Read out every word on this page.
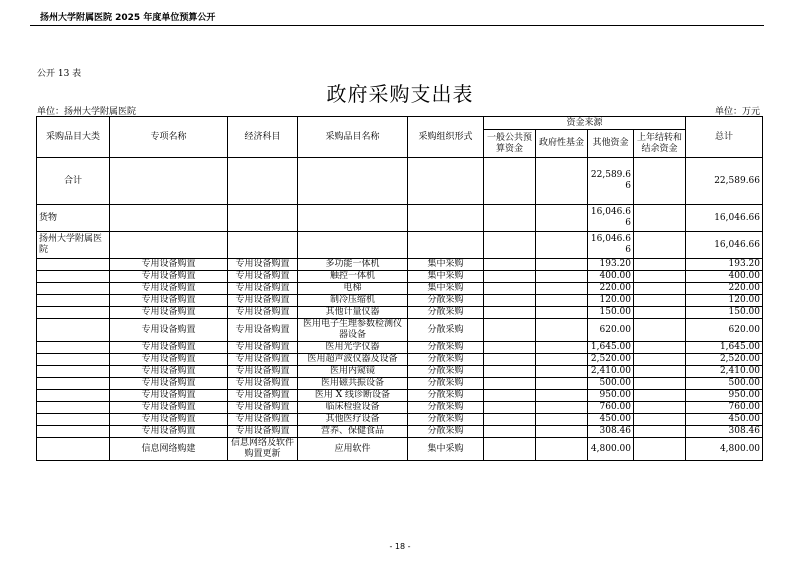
扬州大学附属医院 2025 年度单位预算公开
公开 13 表
政府采购支出表
单位：扬州大学附属医院	单位：万元
采购品目大类	专项名称	经济科目	采购品目名称	采购组织形式	资金来源				总计
					一般公共预算资金	政府性基金	其他资金	上年结转和结余资金	
合计							22,589.66		22,589.66
货物							16,046.66		16,046.66
扬州大学附属医院							16,046.66		16,046.66
	专用设备购置	专用设备购置	多功能一体机	集中采购			193.20		193.20
	专用设备购置	专用设备购置	触控一体机	集中采购			400.00		400.00
	专用设备购置	专用设备购置	电梯	集中采购			220.00		220.00
	专用设备购置	专用设备购置	制冷压缩机	分散采购			120.00		120.00
	专用设备购置	专用设备购置	其他计量仪器	分散采购			150.00		150.00
	专用设备购置	专用设备购置	医用电子生理参数检测仪器设备	分散采购			620.00		620.00
	专用设备购置	专用设备购置	医用光学仪器	分散采购			1,645.00		1,645.00
	专用设备购置	专用设备购置	医用超声波仪器及设备	分散采购			2,520.00		2,520.00
	专用设备购置	专用设备购置	医用内窥镜	分散采购			2,410.00		2,410.00
	专用设备购置	专用设备购置	医用磁共振设备	分散采购			500.00		500.00
	专用设备购置	专用设备购置	医用 X 线诊断设备	分散采购			950.00		950.00
	专用设备购置	专用设备购置	临床检验设备	分散采购			760.00		760.00
	专用设备购置	专用设备购置	其他医疗设备	分散采购			450.00		450.00
	专用设备购置	专用设备购置	营养、保健食品	分散采购			308.46		308.46
	信息网络购建	信息网络及软件购置更新	应用软件	集中采购			4,800.00		4,800.00
- 18 -
